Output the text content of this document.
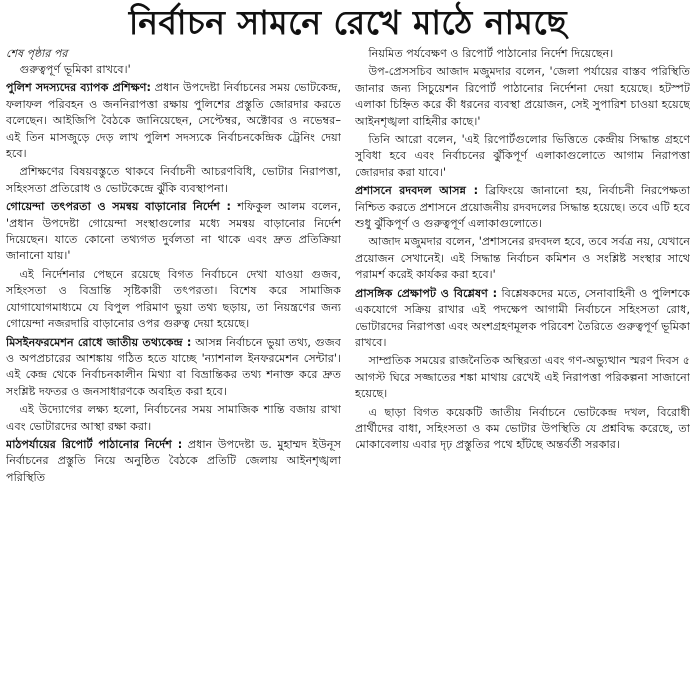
নির্বাচন সামনে রেখে মাঠে নামছে
শেষ পৃষ্ঠার পর

গুরুত্বপূর্ণ ভূমিকা রাখবে।'

পুলিশ সদস্যদের ব্যাপক প্রশিক্ষণ: প্রধান উপদেষ্টা নির্বাচনের সময় ভোটকেন্দ্র, ফলাফল পরিবহন ও জননিরাপত্তা রক্ষায় পুলিশের প্রস্তুতি জোরদার করতে বলেছেন। আইজিপি বৈঠকে জানিয়েছেন, সেপ্টেম্বর, অক্টোবর ও নভেম্বর– এই তিন মাসজুড়ে দেড় লাখ পুলিশ সদস্যকে নির্বাচনকেন্দ্রিক ট্রেনিং দেয়া হবে।

প্রশিক্ষণের বিষয়বস্তুতে থাকবে নির্বাচনী আচরণবিধি, ভোটার নিরাপত্তা, সহিংসতা প্রতিরোধ ও ভোটকেন্দ্রে ঝুঁকি ব্যবস্থাপনা।

গোয়েন্দা তৎপরতা ও সমন্বয় বাড়ানোর নির্দেশ : শফিকুল আলম বলেন, 'প্রধান উপদেষ্টা গোয়েন্দা সংস্থাগুলোর মধ্যে সমন্বয় বাড়ানোর নির্দেশ দিয়েছেন। যাতে কোনো তথ্যগত দুর্বলতা না থাকে এবং দ্রুত প্রতিক্রিয়া জানানো যায়।'

এই নির্দেশনার পেছনে রয়েছে বিগত নির্বাচনে দেখা যাওয়া গুজব, সহিংসতা ও বিভ্রান্তি সৃষ্টিকারী তৎপরতা। বিশেষ করে সামাজিক যোগাযোগমাধ্যমে যে বিপুল পরিমাণ ভুয়া তথ্য ছড়ায়, তা নিয়ন্ত্রণের জন্য গোয়েন্দা নজরদারি বাড়ানোর ওপর গুরুত্ব দেয়া হয়েছে।

মিসইনফরমেশন রোধে জাতীয় তথ্যকেন্দ্র : আসন্ন নির্বাচনে ভুয়া তথ্য, গুজব ও অপপ্রচারের আশঙ্কায় গঠিত হতে যাচ্ছে 'ন্যাশনাল ইনফরমেশন সেন্টার'। এই কেন্দ্র থেকে নির্বাচনকালীন মিথ্যা বা বিভ্রান্তিকর তথ্য শনাক্ত করে দ্রুত সংশ্লিষ্ট দফতর ও জনসাধারণকে অবহিত করা হবে।

এই উদ্যোগের লক্ষ্য হলো, নির্বাচনের সময় সামাজিক শান্তি বজায় রাখা এবং ভোটারদের আস্থা রক্ষা করা।

মাঠপর্যায়ের রিপোর্ট পাঠানোর নির্দেশ : প্রধান উপদেষ্টা ড. মুহাম্মদ ইউনূস নির্বাচনের প্রস্তুতি নিয়ে অনুষ্ঠিত বৈঠকে প্রতিটি জেলায় আইনশৃঙ্খলা পরিস্থিতি

নিয়মিত পর্যবেক্ষণ ও রিপোর্ট পাঠানোর নির্দেশ দিয়েছেন।

উপ-প্রেসসচিব আজাদ মজুমদার বলেন, 'জেলা পর্যায়ের বাস্তব পরিস্থিতি জানার জন্য সিচুয়েশন রিপোর্ট পাঠানোর নির্দেশনা দেয়া হয়েছে। হটস্পট এলাকা চিহ্নিত করে কী ধরনের ব্যবস্থা প্রয়োজন, সেই সুপারিশ চাওয়া হয়েছে আইনশৃঙ্খলা বাহিনীর কাছে।'

তিনি আরো বলেন, 'এই রিপোর্টগুলোর ভিত্তিতে কেন্দ্রীয় সিদ্ধান্ত গ্রহণে সুবিধা হবে এবং নির্বাচনের ঝুঁকিপূর্ণ এলাকাগুলোতে আগাম নিরাপত্তা জোরদার করা যাবে।'

প্রশাসনে রদবদল আসন্ন : ব্রিফিংয়ে জানানো হয়, নির্বাচনী নিরপেক্ষতা নিশ্চিত করতে প্রশাসনে প্রয়োজনীয় রদবদলের সিদ্ধান্ত হয়েছে। তবে এটি হবে শুধু ঝুঁকিপূর্ণ ও গুরুত্বপূর্ণ এলাকাগুলোতে।

আজাদ মজুমদার বলেন, 'প্রশাসনের রদবদল হবে, তবে সর্বত্র নয়, যেখানে প্রয়োজন সেখানেই। এই সিদ্ধান্ত নির্বাচন কমিশন ও সংশ্লিষ্ট সংস্থার সাথে পরামর্শ করেই কার্যকর করা হবে।'

প্রাসঙ্গিক প্রেক্ষাপট ও বিশ্লেষণ : বিশ্লেষকদের মতে, সেনাবাহিনী ও পুলিশকে একযোগে সক্রিয় রাখার এই পদক্ষেপ আগামী নির্বাচনে সহিংসতা রোধ, ভোটারদের নিরাপত্তা এবং অংশগ্রহণমূলক পরিবেশ তৈরিতে গুরুত্বপূর্ণ ভূমিকা রাখবে।

সাম্প্রতিক সময়ের রাজনৈতিক অস্থিরতা এবং গণ-অভ্যুত্থান স্মরণ দিবস ৫ আগস্ট ঘিরে সজ্জাতের শঙ্কা মাথায় রেখেই এই নিরাপত্তা পরিকল্পনা সাজানো হয়েছে।

এ ছাড়া বিগত কয়েকটি জাতীয় নির্বাচনে ভোটকেন্দ্র দখল, বিরোধী প্রার্থীদের বাধা, সহিংসতা ও কম ভোটার উপস্থিতি যে প্রশ্নবিদ্ধ করেছে, তা মোকাবেলায় এবার দৃঢ় প্রস্তুতির পথে হাঁটছে অন্তর্বর্তী সরকার।
